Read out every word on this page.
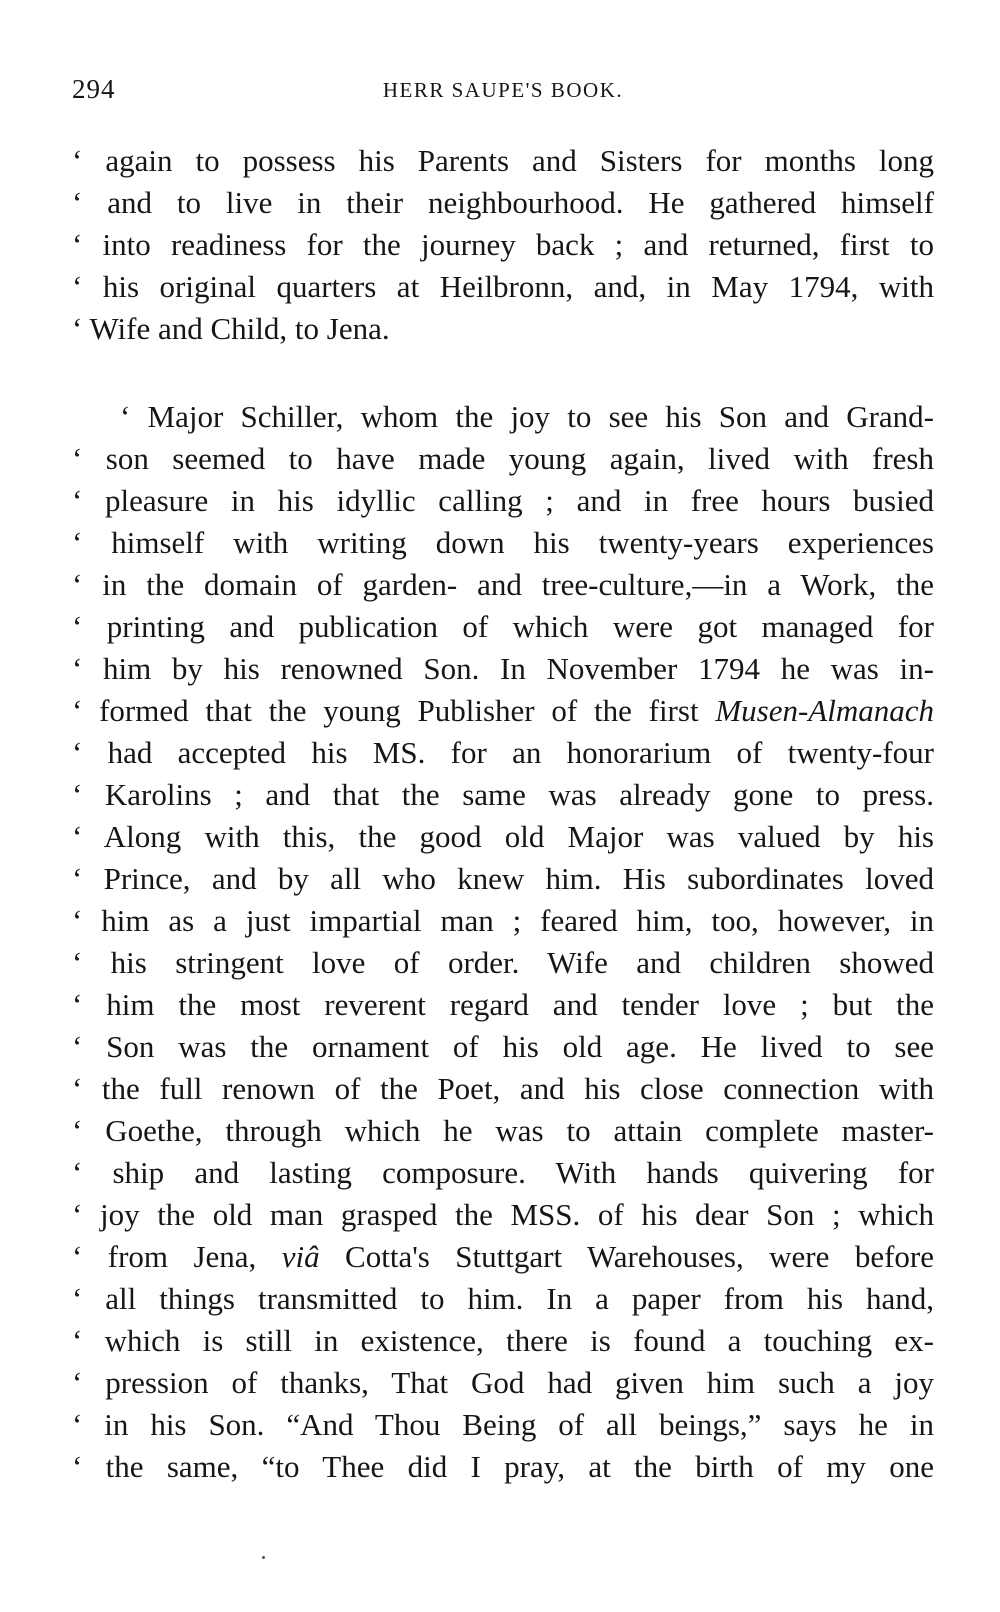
294	HERR SAUPE'S BOOK.
‘ again to possess his Parents and Sisters for months long
‘ and to live in their neighbourhood. He gathered himself
‘ into readiness for the journey back ; and returned, first to
‘ his original quarters at Heilbronn, and, in May 1794, with
‘ Wife and Child, to Jena.
‘ Major Schiller, whom the joy to see his Son and Grand-
‘ son seemed to have made young again, lived with fresh
‘ pleasure in his idyllic calling ; and in free hours busied
‘ himself with writing down his twenty-years experiences
‘ in the domain of garden- and tree-culture,—in a Work, the
‘ printing and publication of which were got managed for
‘ him by his renowned Son. In November 1794 he was in-
‘ formed that the young Publisher of the first Musen-Almanach
‘ had accepted his MS. for an honorarium of twenty-four
‘ Karolins ; and that the same was already gone to press.
‘ Along with this, the good old Major was valued by his
‘ Prince, and by all who knew him. His subordinates loved
‘ him as a just impartial man ; feared him, too, however, in
‘ his stringent love of order. Wife and children showed
‘ him the most reverent regard and tender love ; but the
‘ Son was the ornament of his old age. He lived to see
‘ the full renown of the Poet, and his close connection with
‘ Goethe, through which he was to attain complete master-
‘ ship and lasting composure. With hands quivering for
‘ joy the old man grasped the MSS. of his dear Son ; which
‘ from Jena, viâ Cotta's Stuttgart Warehouses, were before
‘ all things transmitted to him. In a paper from his hand,
‘ which is still in existence, there is found a touching ex-
‘ pression of thanks, That God had given him such a joy
‘ in his Son. “And Thou Being of all beings,” says he in
‘ the same, “to Thee did I pray, at the birth of my one
